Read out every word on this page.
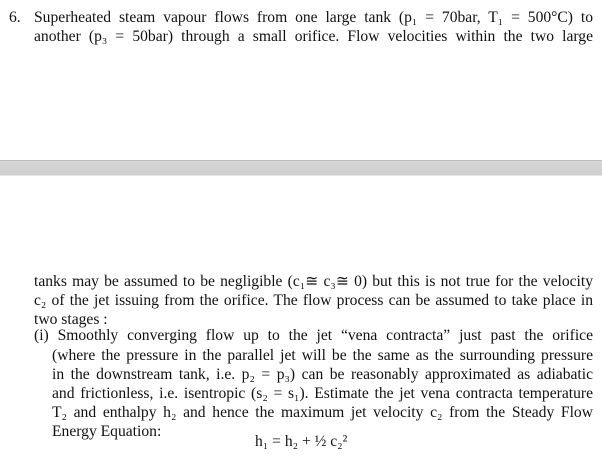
6. Superheated steam vapour flows from one large tank (p₁ = 70bar, T₁ = 500°C) to
another (p₃ = 50bar) through a small orifice. Flow velocities within the two large
tanks may be assumed to be negligible (c₁≅ c₃≅ 0) but this is not true for the velocity
c₂ of the jet issuing from the orifice. The flow process can be assumed to take place in
two stages :
(i) Smoothly converging flow up to the jet “vena contracta” just past the orifice
(where the pressure in the parallel jet will be the same as the surrounding pressure
in the downstream tank, i.e. p₂ = p₃) can be reasonably approximated as adiabatic
and frictionless, i.e. isentropic (s₂ = s₁). Estimate the jet vena contracta temperature
T₂ and enthalpy h₂ and hence the maximum jet velocity c₂ from the Steady Flow
Energy Equation:
h₁ = h₂ + ½ c₂²
